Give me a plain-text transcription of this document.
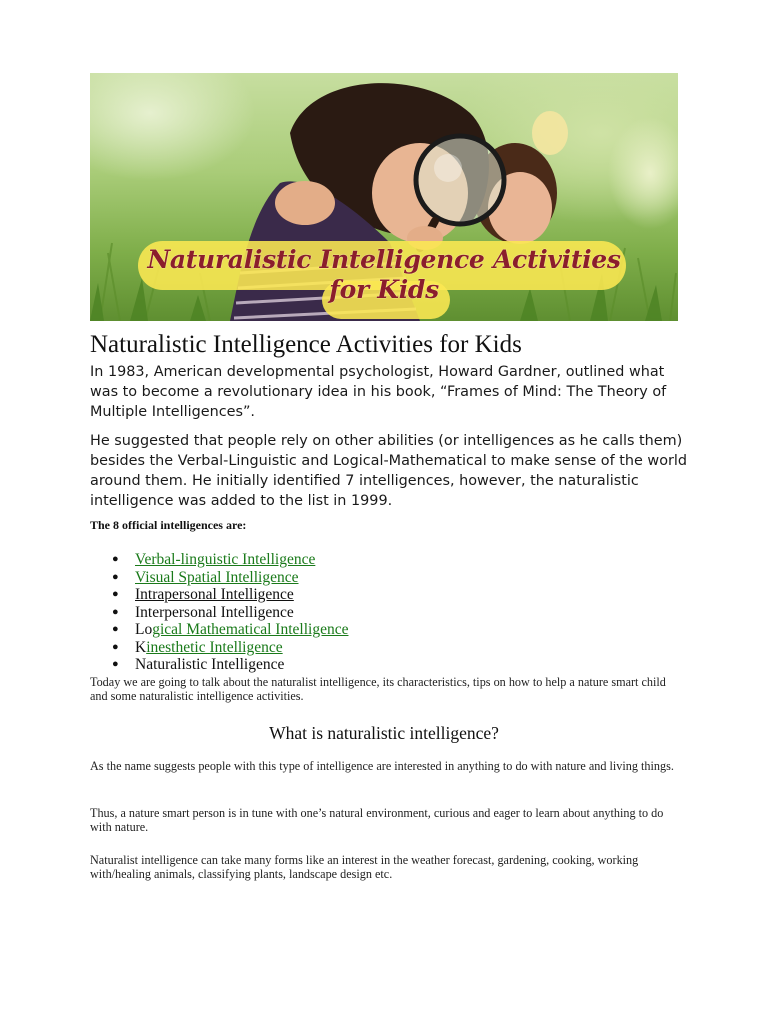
Naturalistic Intelligence Activities
for Kids
Naturalistic Intelligence Activities for Kids

In 1983, American developmental psychologist, Howard Gardner, outlined what was to become a revolutionary idea in his book, “Frames of Mind: The Theory of Multiple Intelligences”.

He suggested that people rely on other abilities (or intelligences as he calls them) besides the Verbal-Linguistic and Logical-Mathematical to make sense of the world around them. He initially identified 7 intelligences, however, the naturalistic intelligence was added to the list in 1999.

The 8 official intelligences are:

● Verbal-linguistic Intelligence
● Visual Spatial Intelligence
● Intrapersonal Intelligence
● Interpersonal Intelligence
● Logical Mathematical Intelligence
● Kinesthetic Intelligence
● Naturalistic Intelligence

Today we are going to talk about the naturalist intelligence, its characteristics, tips on how to help a nature smart child and some naturalistic intelligence activities.

What is naturalistic intelligence?

As the name suggests people with this type of intelligence are interested in anything to do with nature and living things.

Thus, a nature smart person is in tune with one’s natural environment, curious and eager to learn about anything to do with nature.

Naturalist intelligence can take many forms like an interest in the weather forecast, gardening, cooking, working with/healing animals, classifying plants, landscape design etc.
